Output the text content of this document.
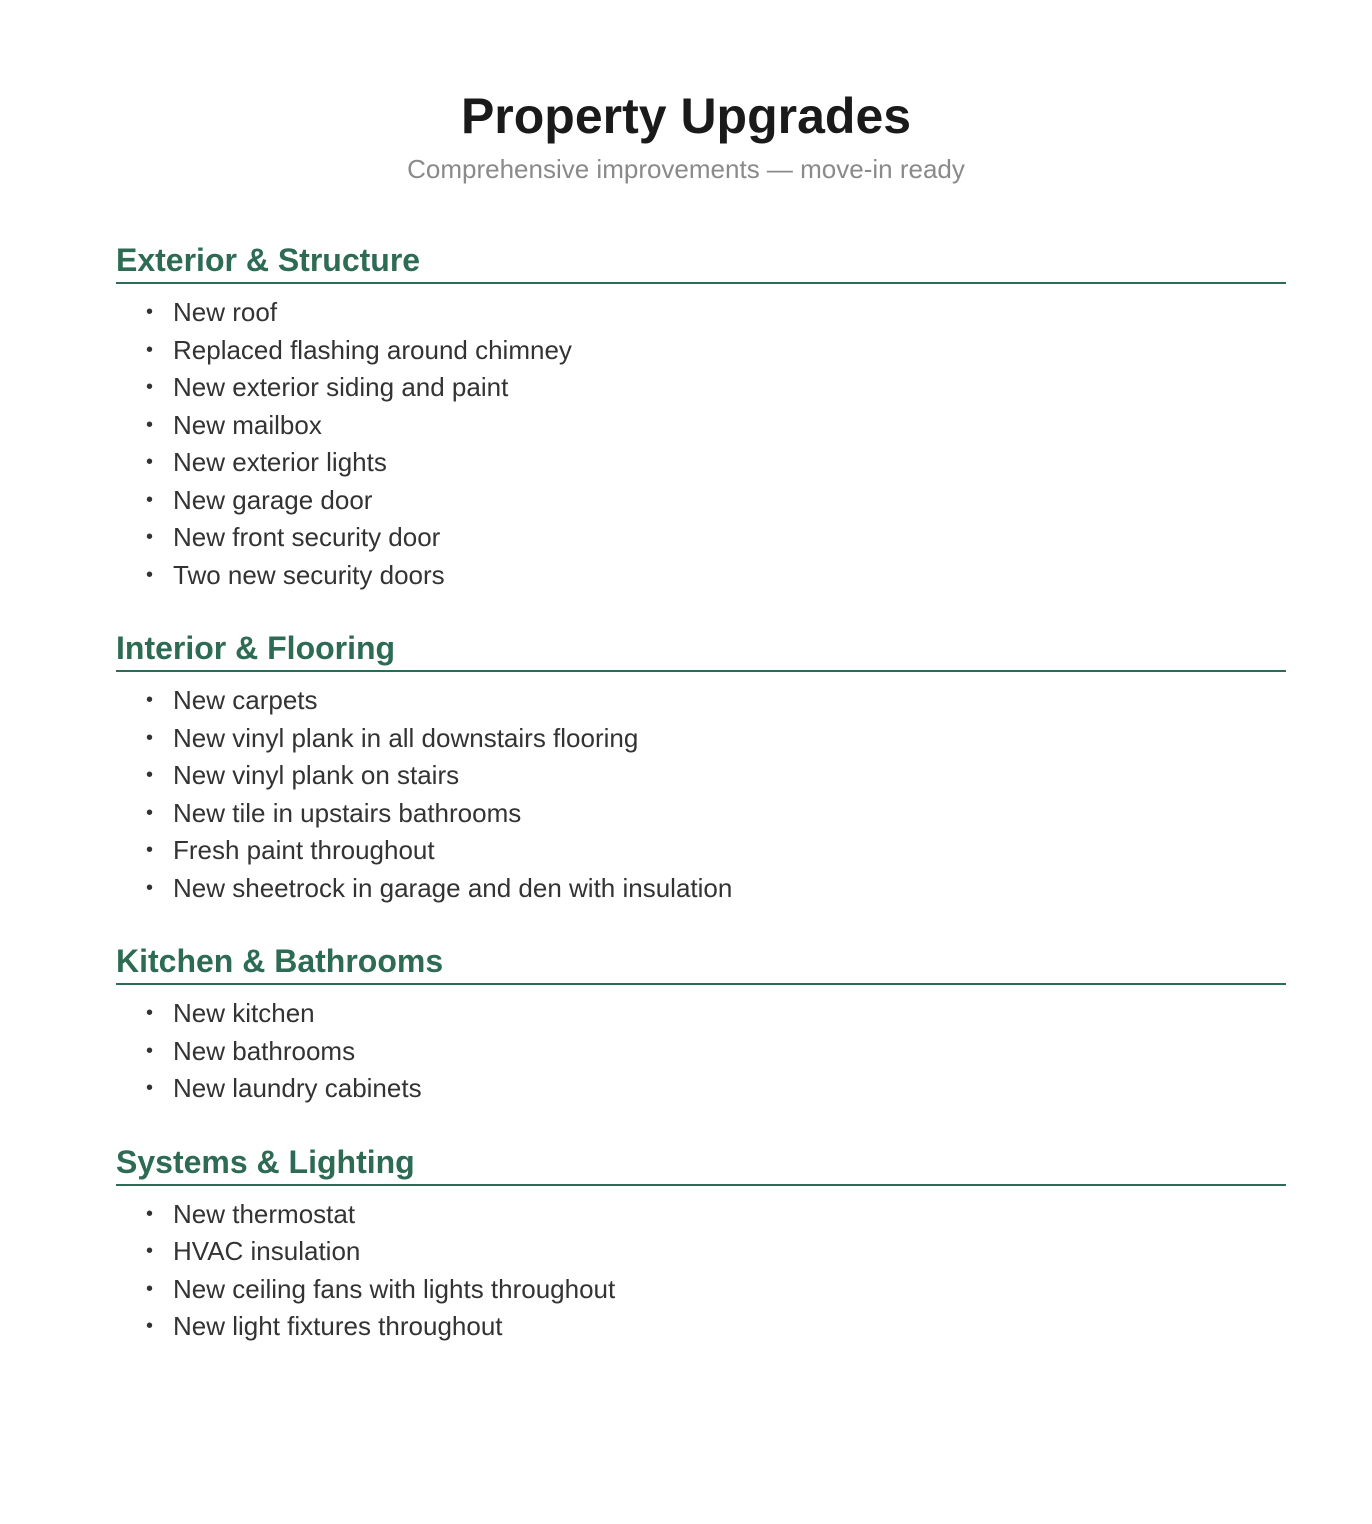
Property Upgrades

Comprehensive improvements — move-in ready

Exterior & Structure
• New roof
• Replaced flashing around chimney
• New exterior siding and paint
• New mailbox
• New exterior lights
• New garage door
• New front security door
• Two new security doors
Interior & Flooring
• New carpets
• New vinyl plank in all downstairs flooring
• New vinyl plank on stairs
• New tile in upstairs bathrooms
• Fresh paint throughout
• New sheetrock in garage and den with insulation
Kitchen & Bathrooms
• New kitchen
• New bathrooms
• New laundry cabinets
Systems & Lighting
• New thermostat
• HVAC insulation
• New ceiling fans with lights throughout
• New light fixtures throughout
